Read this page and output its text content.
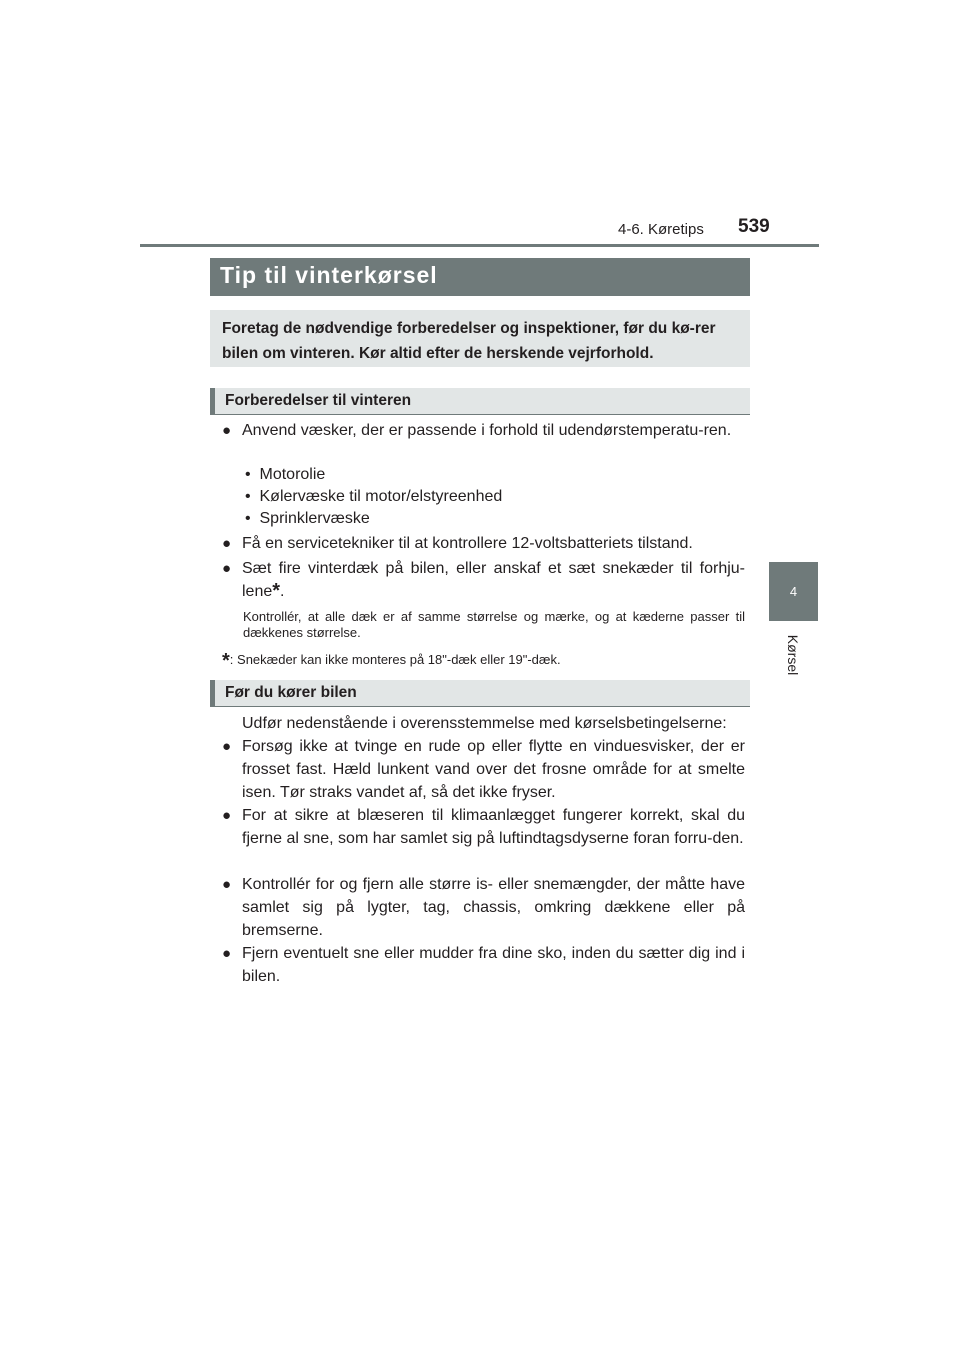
4-6. Køretips 539
4
Kørsel
Tip til vinterkørsel
Foretag de nødvendige forberedelser og inspektioner, før du kø-rer bilen om vinteren. Kør altid efter de herskende vejrforhold.
Forberedelser til vinteren
● Anvend væsker, der er passende i forhold til udendørstemperatu-ren.
•  Motorolie
•  Kølervæske til motor/elstyreenhed
•  Sprinklervæske
● Få en servicetekniker til at kontrollere 12-voltsbatteriets tilstand.
● Sæt fire vinterdæk på bilen, eller anskaf et sæt snekæder til forhju-lene*.
Kontrollér, at alle dæk er af samme størrelse og mærke, og at kæderne passer til dækkenes størrelse.
*: Snekæder kan ikke monteres på 18"-dæk eller 19"-dæk.
Før du kører bilen
Udfør nedenstående i overensstemmelse med kørselsbetingelserne:
● Forsøg ikke at tvinge en rude op eller flytte en vinduesvisker, der er frosset fast. Hæld lunkent vand over det frosne område for at smelte isen. Tør straks vandet af, så det ikke fryser.
● For at sikre at blæseren til klimaanlægget fungerer korrekt, skal du fjerne al sne, som har samlet sig på luftindtagsdyserne foran forru-den.
● Kontrollér for og fjern alle større is- eller snemængder, der måtte have samlet sig på lygter, tag, chassis, omkring dækkene eller på bremserne.
● Fjern eventuelt sne eller mudder fra dine sko, inden du sætter dig ind i bilen.
